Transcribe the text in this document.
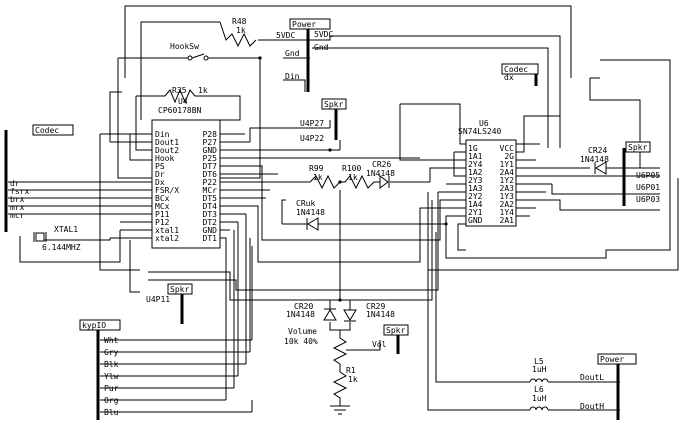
Power
Codec
Codec
Spkr
Spkr
Spkr
Spkr
kypIO
Power
U4
CP60178BN
Din
Dout1
Dout2
Hook
PS
Dr
Dx
FSR/X
BCx
MCx
P11
P12
xtal1
xtal2
P28
P27
GND
P25
DT7
DT6
P22
MCr
DT5
DT4
DT3
DT2
GND
DT1
U6
SN74LS240
1G
1A1
2Y4
1A2
2Y3
1A3
2Y2
1A4
2Y1
GND
VCC
2G
1Y1
2A4
1Y2
2A3
1Y3
2A2
1Y4
2A1
HookSw
XTAL1
6.144MHZ
R48
1k
R35 1k
R99
1k
R100
1k
CR26
1N4148
CRuk
1N4148
CR24
1N4148
CR20
1N4148
CR29
1N4148
Volume
10k 40%
R1
1k
L5
1uH
L6
1uH
5VDC 5VDC
Gnd
Gnd
Din	dx
U4P27
U4P22
U4P11
U6P05
U6P01
U6P03
Vol
DoutL
DoutH
dr
fsrx
brx
mrx
mcr
Wht
Gry
Blk
Ylw
Pur
Org
Blu
